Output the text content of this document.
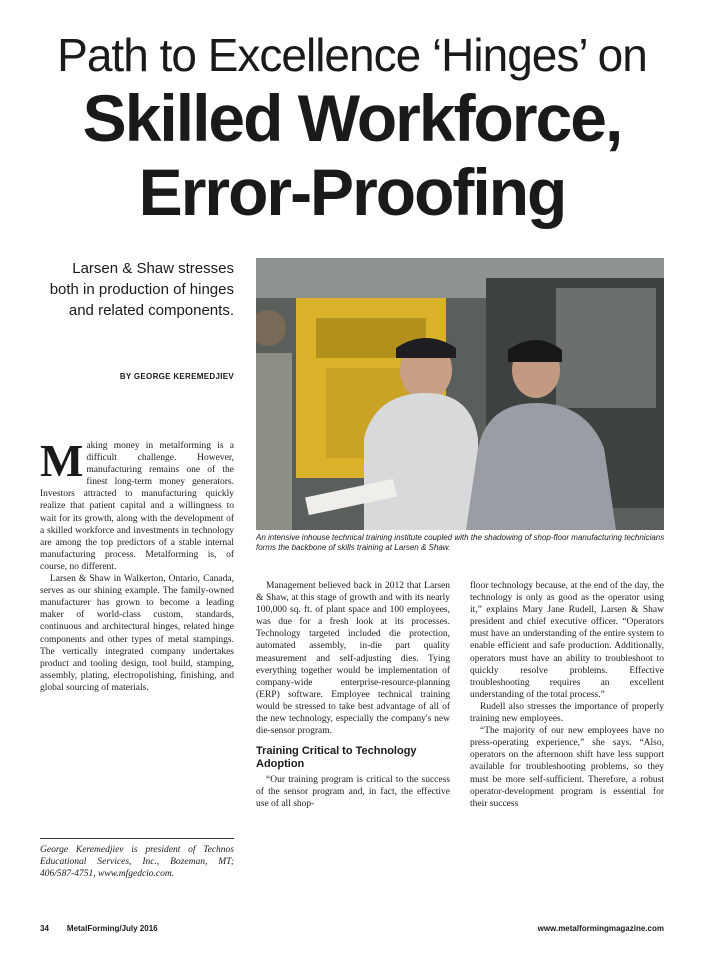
Path to Excellence ‘Hinges’ on
Skilled Workforce,
Error-Proofing
Larsen & Shaw stresses both in production of hinges and related components.
BY GEORGE KEREMEDJIEV
An intensive inhouse technical training institute coupled with the shadowing of shop-floor manufacturing technicians forms the backbone of skills training at Larsen & Shaw.

Making money in metalforming is a difficult challenge. However, manufacturing remains one of the finest long-term money generators. Investors attracted to manufacturing quickly realize that patient capital and a willingness to wait for its growth, along with the development of a skilled workforce and investments in technology are among the top predictors of a stable internal manufacturing process. Metalforming is, of course, no different.

Larsen & Shaw in Walkerton, Ontario, Canada, serves as our shining example. The family-owned manufacturer has grown to become a leading maker of world-class custom, standards, continuous and architectural hinges, related hinge components and other types of metal stampings. The vertically integrated company undertakes product and tooling design, tool build, stamping, assembly, plating, electropolishing, finishing, and global sourcing of materials.

George Keremedjiev is president of Technos Educational Services, Inc., Bozeman, MT; 406/587-4751, www.mfgedcio.com.

Management believed back in 2012 that Larsen & Shaw, at this stage of growth and with its nearly 100,000 sq. ft. of plant space and 100 employees, was due for a fresh look at its processes. Technology targeted included die protection, automated assembly, in-die part quality measurement and self-adjusting dies. Tying everything together would be implementation of company-wide enterprise-resource-planning (ERP) software. Employee technical training would be stressed to take best advantage of all of the new technology, especially the company's new die-sensor program.

Training Critical to Technology Adoption

“Our training program is critical to the success of the sensor program and, in fact, the effective use of all shop-

floor technology because, at the end of the day, the technology is only as good as the operator using it,” explains Mary Jane Rudell, Larsen & Shaw president and chief executive officer. “Operators must have an understanding of the entire system to enable efficient and safe production. Additionally, operators must have an ability to troubleshoot to quickly resolve problems. Effective troubleshooting requires an excellent understanding of the total process.”

Rudell also stresses the importance of properly training new employees.

“The majority of our new employees have no press-operating experience,” she says. “Also, operators on the afternoon shift have less support available for troubleshooting problems, so they must be more self-sufficient. Therefore, a robust operator-development program is essential for their success

34 MetalForming/July 2016	www.metalformingmagazine.com
